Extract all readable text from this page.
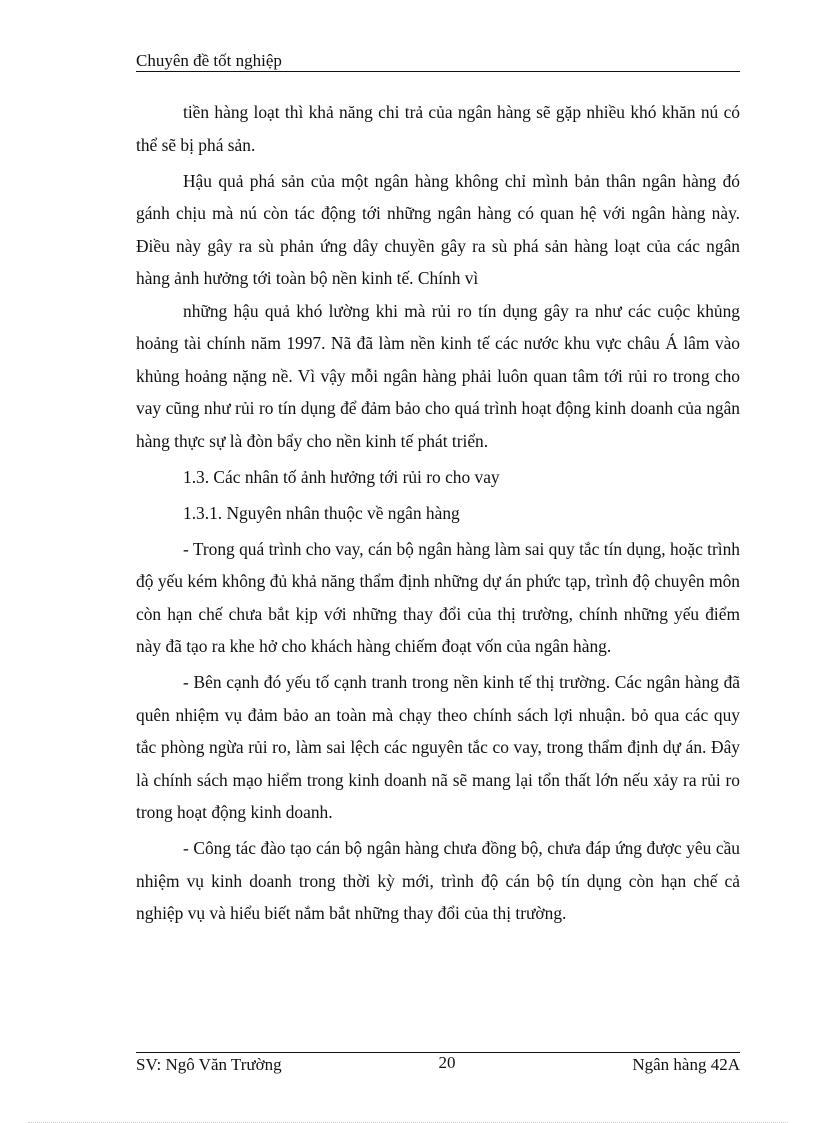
Chuyên đề tốt nghiệp

tiền hàng loạt thì khả năng chi trả của ngân hàng sẽ gặp nhiều khó khăn nú có thể sẽ bị phá sản.

Hậu quả phá sản của một ngân hàng không chỉ mình bản thân ngân hàng đó gánh chịu mà nú còn tác động tới những ngân hàng có quan hệ với ngân hàng này. Điều này gây ra sù phản ứng dây chuyền gây ra sù phá sản hàng loạt của các ngân hàng ảnh hưởng tới toàn bộ nền kinh tế. Chính vì

những hậu quả khó lường khi mà rủi ro tín dụng gây ra như các cuộc khủng hoảng tài chính năm 1997. Nã đã làm nền kinh tế các nước khu vực châu Á lâm vào khủng hoảng nặng nề. Vì vậy mỗi ngân hàng phải luôn quan tâm tới rủi ro trong cho vay cũng như rủi ro tín dụng để đảm bảo cho quá trình hoạt động kinh doanh của ngân hàng thực sự là đòn bẩy cho nền kinh tế phát triển.

1.3. Các nhân tố ảnh hưởng tới rủi ro cho vay

1.3.1. Nguyên nhân thuộc về ngân hàng

- Trong quá trình cho vay, cán bộ ngân hàng làm sai quy tắc tín dụng, hoặc trình độ yếu kém không đủ khả năng thẩm định những dự án phức tạp, trình độ chuyên môn còn hạn chế chưa bắt kịp với những thay đổi của thị trường, chính những yếu điểm này đã tạo ra khe hở cho khách hàng chiếm đoạt vốn của ngân hàng.

- Bên cạnh đó yếu tố cạnh tranh trong nền kinh tế thị trường. Các ngân hàng đã quên nhiệm vụ đảm bảo an toàn mà chạy theo chính sách lợi nhuận. bỏ qua các quy tắc phòng ngừa rủi ro, làm sai lệch các nguyên tắc co vay, trong thẩm định dự án. Đây là chính sách mạo hiểm trong kinh doanh nã sẽ mang lại tổn thất lớn nếu xảy ra rủi ro trong hoạt động kinh doanh.

- Công tác đào tạo cán bộ ngân hàng chưa đồng bộ, chưa đáp ứng được yêu cầu nhiệm vụ kinh doanh trong thời kỳ mới, trình độ cán bộ tín dụng còn hạn chế cả nghiệp vụ và hiểu biết nắm bắt những thay đổi của thị trường.

SV: Ngô Văn Trường	20	Ngân hàng 42A
